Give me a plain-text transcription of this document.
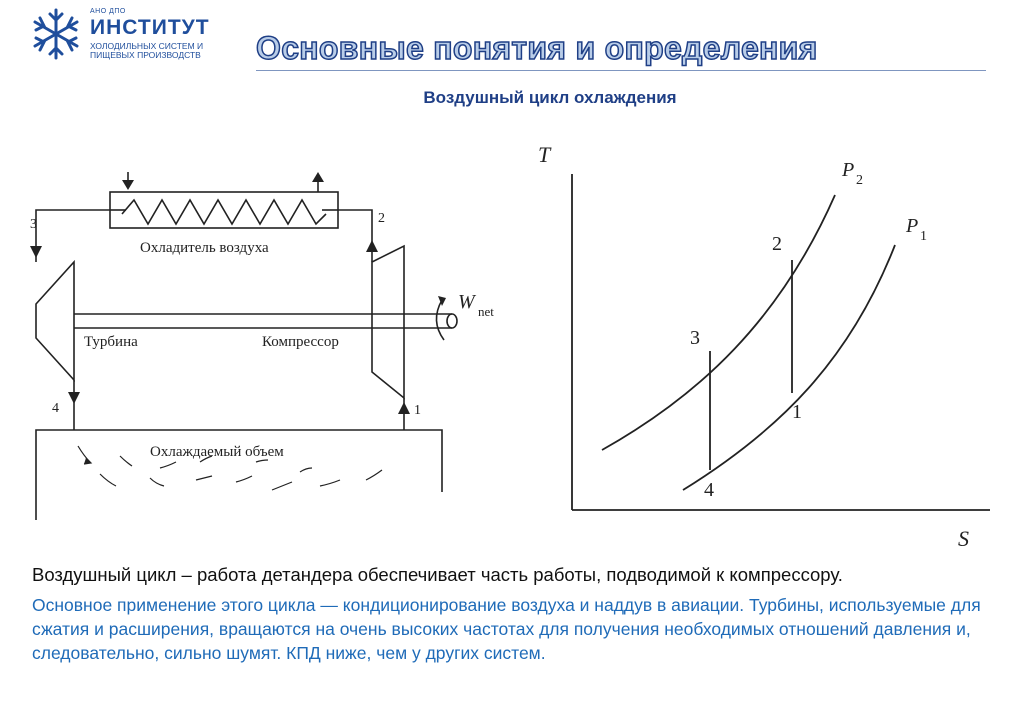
АНО ДПО
ИНСТИТУТ
ХОЛОДИЛЬНЫХ СИСТЕМ И
ПИЩЕВЫХ ПРОИЗВОДСТВ Основные понятия и определения
Воздушный цикл охлаждения
Охладитель воздуха
Турбина	Компрессор
W net
Охлаждаемый объем
3	2
4	1
T
S
P 2
P 1
2
3
1
4
Воздушный цикл – работа детандера обеспечивает часть работы, подводимой к компрессору.
Основное применение этого цикла — кондиционирование воздуха и наддув в авиации. Турбины, используемые для сжатия и расширения, вращаются на очень высоких частотах для получения необходимых отношений давления и, следовательно, сильно шумят. КПД ниже, чем у других систем.
